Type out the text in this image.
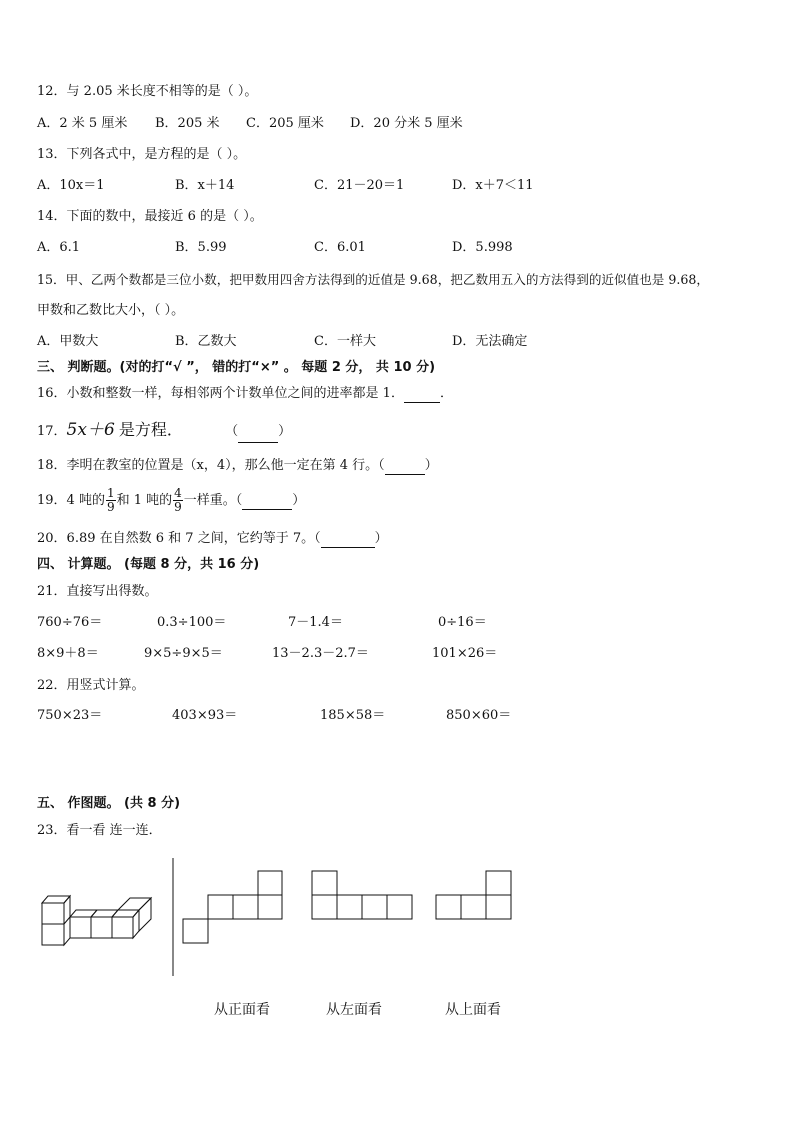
12．与 2.05 米长度不相等的是（ ）。
A．2 米 5 厘米 B．205 米 C．205 厘米 D．20 分米 5 厘米
13．下列各式中，是方程的是（ ）。
A．10x＝1	B．x＋14	C．21－20＝1	D．x＋7＜11
14．下面的数中，最接近 6 的是（ ）。
A．6.1	B．5.99	C．6.01	D．5.998
15．甲、乙两个数都是三位小数，把甲数用四舍方法得到的近值是 9.68，把乙数用五入的方法得到的近似值也是 9.68，
甲数和乙数比大小，（ ）。
A．甲数大	B．乙数大	C．一样大	D．无法确定
三、 判断题。(对的打“√ ”， 错的打“×” 。 每题 2 分， 共 10 分)
16．小数和整数一样，每相邻两个计数单位之间的进率都是 1．	．
17．5x＋6 是方程．	（	）
18．李明在教室的位置是（x，4），那么他一定在第 4 行。（	）
19．4 吨的 $\frac{1}{9}$ 和 1 吨的 $\frac{4}{9}$ 一样重。（	）
20．6.89 在自然数 6 和 7 之间，它约等于 7。（	）
四、 计算题。 (每题 8 分，共 16 分)
21．直接写出得数。
760÷76＝	0.3÷100＝	7－1.4＝	0÷16＝
8×9＋8＝	9×5÷9×5＝	13－2.3－2.7＝	101×26＝
22．用竖式计算。
750×23＝	403×93＝	185×58＝	850×60＝
五、 作图题。 (共 8 分)
23．看一看 连一连．
从正面看	从左面看	从上面看
